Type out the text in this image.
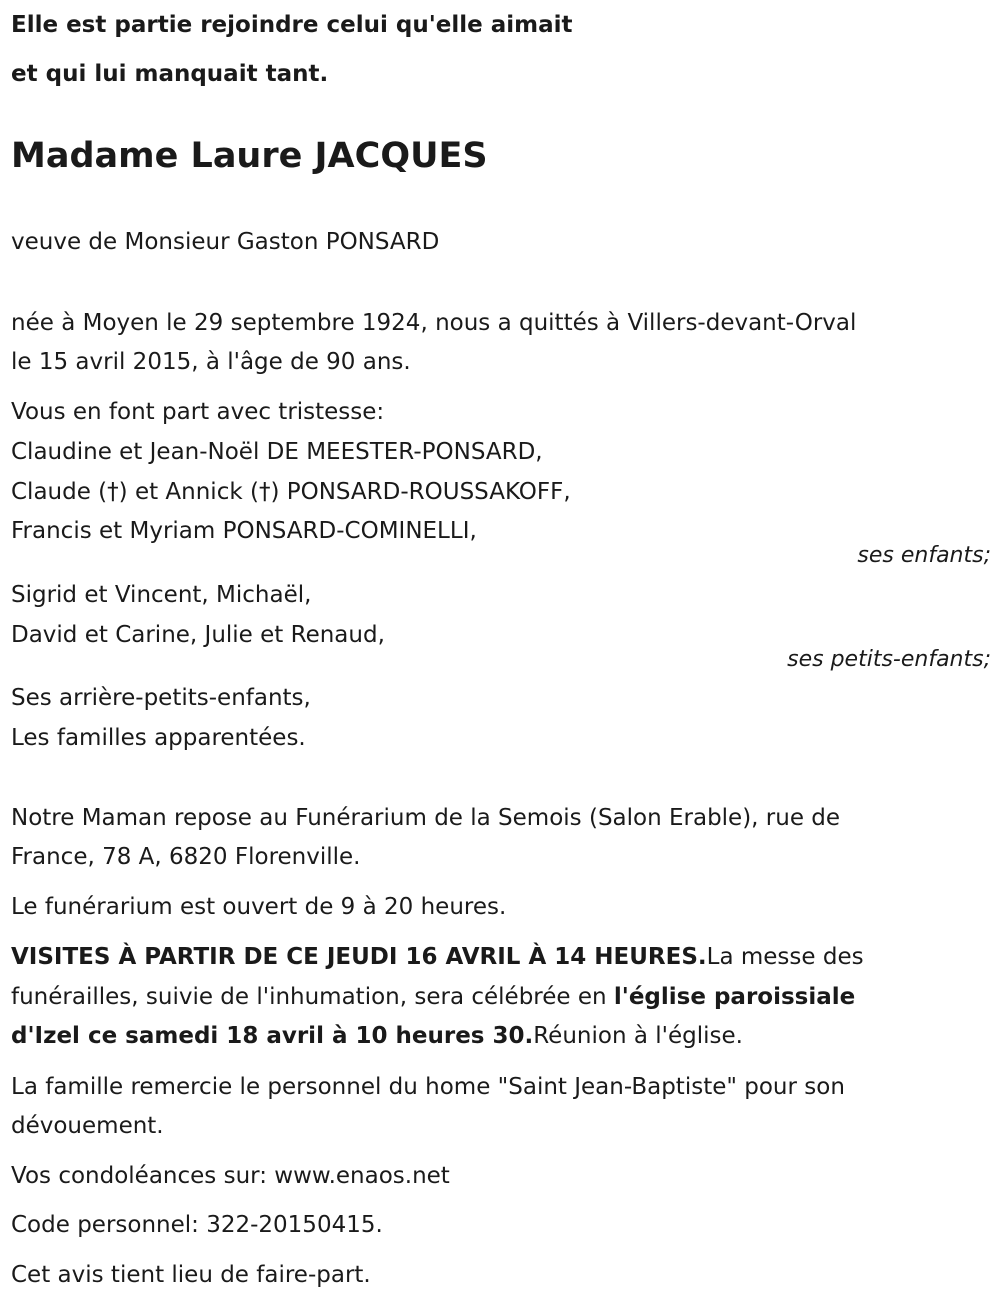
Elle est partie rejoindre celui qu'elle aimait
et qui lui manquait tant.
Madame Laure JACQUES
veuve de Monsieur Gaston PONSARD
née à Moyen le 29 septembre 1924, nous a quittés à Villers-devant-Orval
le 15 avril 2015, à l'âge de 90 ans.
Vous en font part avec tristesse:
Claudine et Jean-Noël DE MEESTER-PONSARD,
Claude (†) et Annick (†) PONSARD-ROUSSAKOFF,
Francis et Myriam PONSARD-COMINELLI,
ses enfants;
Sigrid et Vincent, Michaël,
David et Carine, Julie et Renaud,
ses petits-enfants;
Ses arrière-petits-enfants,
Les familles apparentées.
Notre Maman repose au Funérarium de la Semois (Salon Erable), rue de
France, 78 A, 6820 Florenville.
Le funérarium est ouvert de 9 à 20 heures.
VISITES À PARTIR DE CE JEUDI 16 AVRIL À 14 HEURES.La messe des
funérailles, suivie de l'inhumation, sera célébrée en l'église paroissiale
d'Izel ce samedi 18 avril à 10 heures 30.Réunion à l'église.
La famille remercie le personnel du home "Saint Jean-Baptiste" pour son
dévouement.
Vos condoléances sur: www.enaos.net
Code personnel: 322-20150415.
Cet avis tient lieu de faire-part.
